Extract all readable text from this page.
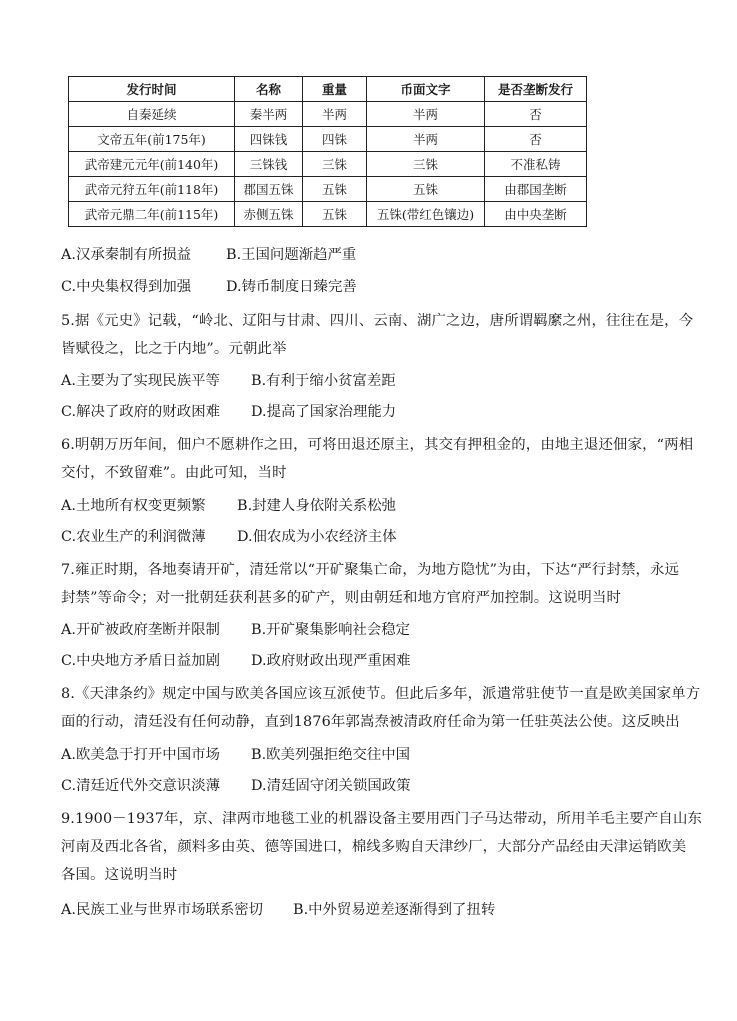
发行时间	名称	重量	币面文字	是否垄断发行
自秦延续	秦半两	半两	半两	否
文帝五年(前175年)	四铢钱	四铢	半两	否
武帝建元元年(前140年)	三铢钱	三铢	三铢	不准私铸
武帝元狩五年(前118年)	郡国五铢	五铢	五铢	由郡国垄断
武帝元鼎二年(前115年)	赤侧五铢	五铢	五铢(带红色镶边)	由中央垄断
A.汉承秦制有所损益 B.王国问题渐趋严重
C.中央集权得到加强 D.铸币制度日臻完善
5.据《元史》记载，“岭北、辽阳与甘肃、四川、云南、湖广之边，唐所谓羁縻之州，往往在是，今
皆赋役之，比之于内地”。元朝此举
A.主要为了实现民族平等 B.有利于缩小贫富差距
C.解决了政府的财政困难 D.提高了国家治理能力
6.明朝万历年间，佃户不愿耕作之田，可将田退还原主，其交有押租金的，由地主退还佃家，“两相
交付，不致留难”。由此可知，当时
A.土地所有权变更频繁 B.封建人身依附关系松弛
C.农业生产的利润微薄 D.佃农成为小农经济主体
7.雍正时期，各地奏请开矿，清廷常以“开矿聚集亡命，为地方隐忧”为由，下达“严行封禁，永远
封禁”等命令；对一批朝廷获利甚多的矿产，则由朝廷和地方官府严加控制。这说明当时
A.开矿被政府垄断并限制 B.开矿聚集影响社会稳定
C.中央地方矛盾日益加剧 D.政府财政出现严重困难
8.《天津条约》规定中国与欧美各国应该互派使节。但此后多年，派遣常驻使节一直是欧美国家单方
面的行动，清廷没有任何动静，直到1876年郭嵩焘被清政府任命为第一任驻英法公使。这反映出
A.欧美急于打开中国市场 B.欧美列强拒绝交往中国
C.清廷近代外交意识淡薄 D.清廷固守闭关锁国政策
9.1900－1937年，京、津两市地毯工业的机器设备主要用西门子马达带动，所用羊毛主要产自山东
河南及西北各省，颜料多由英、德等国进口，棉线多购自天津纱厂，大部分产品经由天津运销欧美
各国。这说明当时
A.民族工业与世界市场联系密切 B.中外贸易逆差逐渐得到了扭转
